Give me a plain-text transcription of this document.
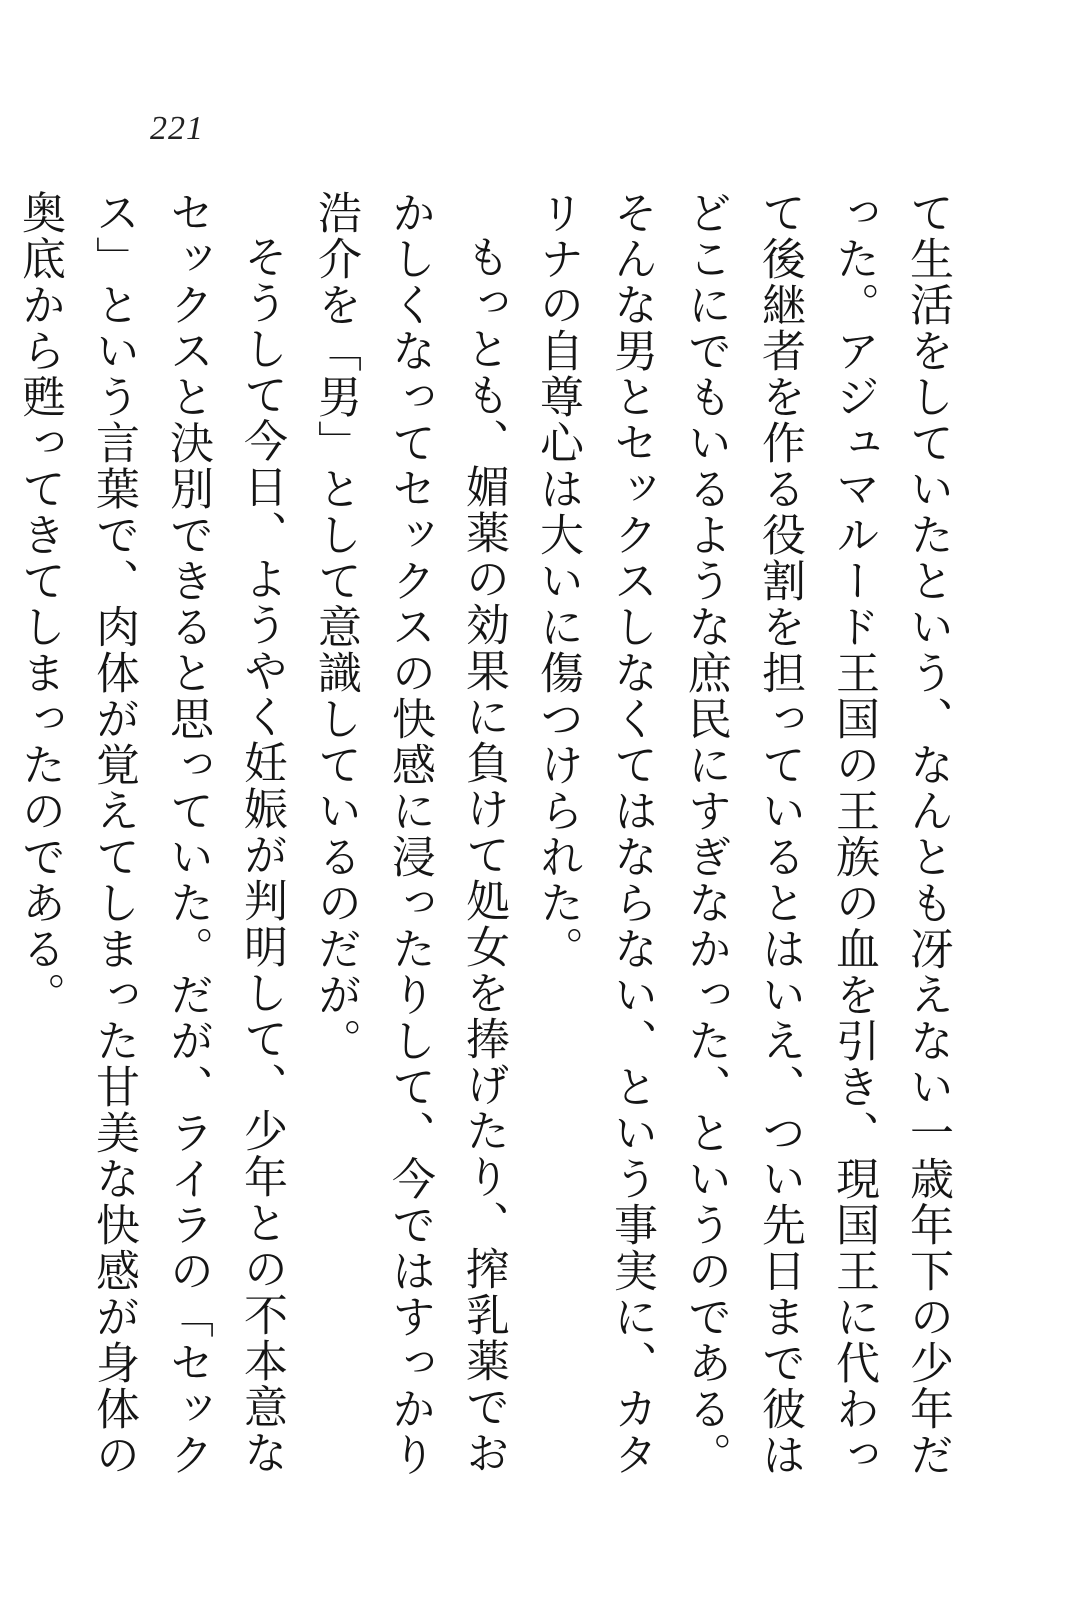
221

て生活をしていたという、なんとも冴えない一歳年下の少年だった。アジュマルード王国の王族の血を引き、現国王に代わって後継者を作る役割を担っているとはいえ、つい先日まで彼はどこにでもいるような庶民にすぎなかった、というのである。そんな男とセックスしなくてはならない、という事実に、カタリナの自尊心は大いに傷つけられた。

もっとも、媚薬の効果に負けて処女を捧げたり、搾乳薬でおかしくなってセックスの快感に浸ったりして、今ではすっかり浩介を「男」として意識しているのだが。

そうして今日、ようやく妊娠が判明して、少年との不本意なセックスと決別できると思っていた。だが、ライラの「セックス」という言葉で、肉体が覚えてしまった甘美な快感が身体の奥底から甦ってきてしまったのである。
